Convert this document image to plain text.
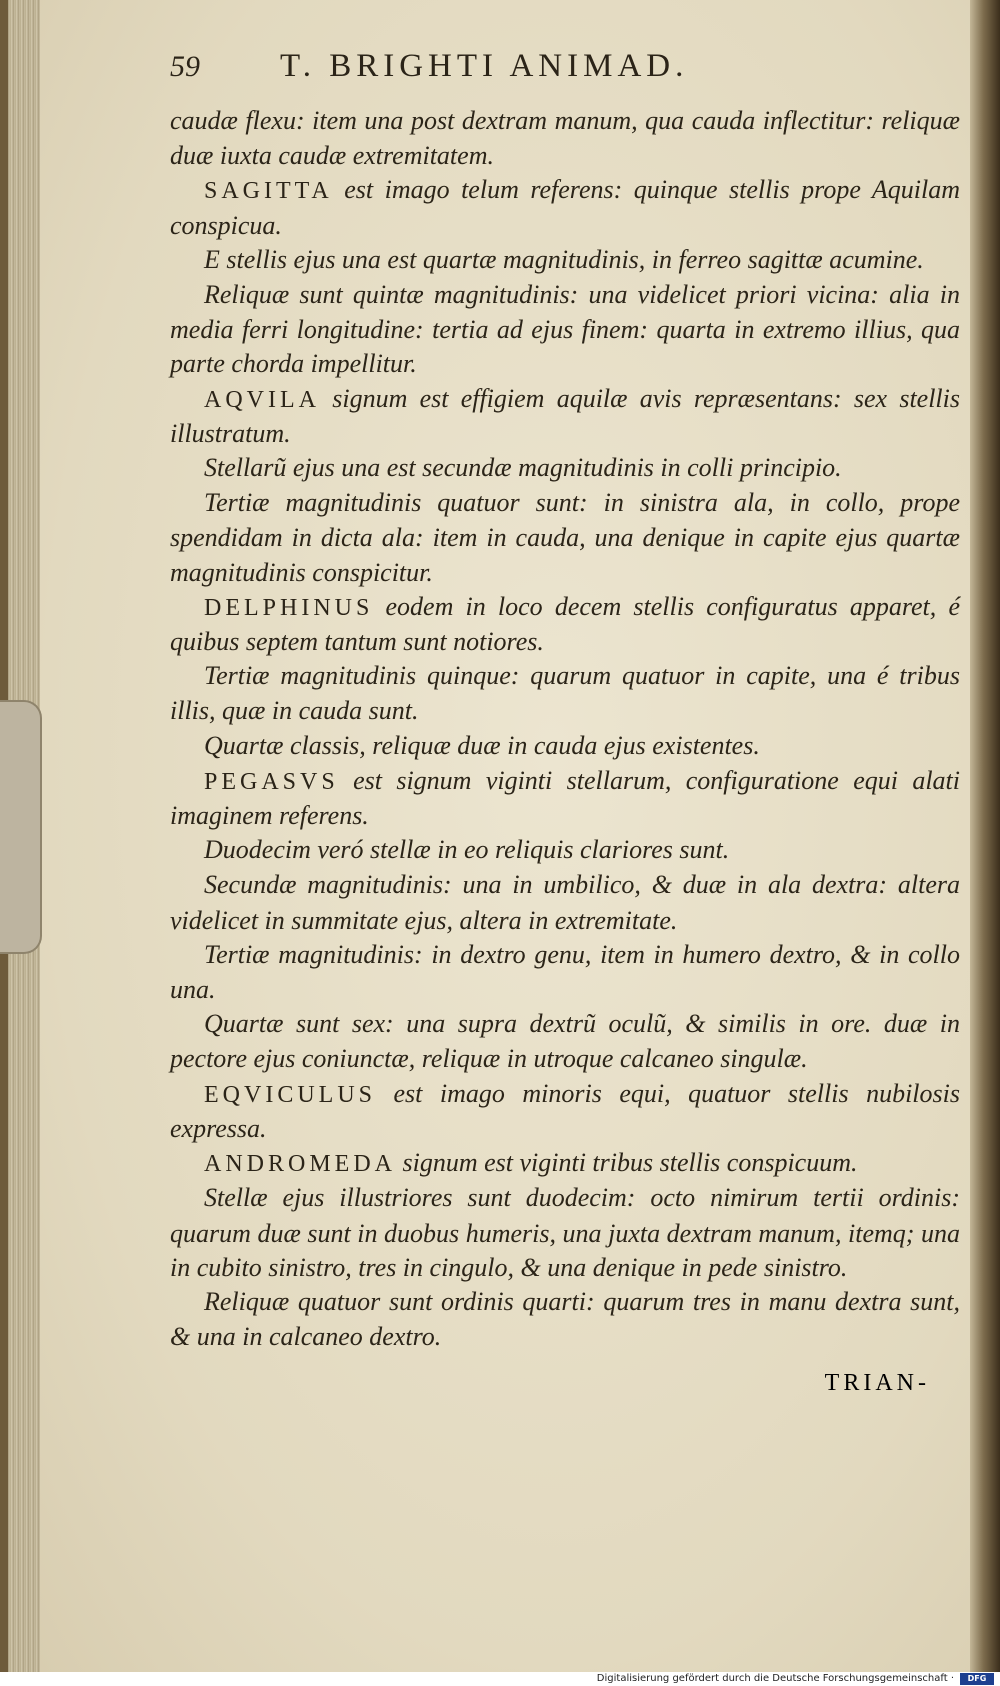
59	T. BRIGHTI ANIMAD.

caudæ flexu: item una post dextram manum, qua cauda inflectitur: reliquæ duæ iuxta caudæ extremitatem.

SAGITTA est imago telum referens: quinque stellis prope Aquilam conspicua.

E stellis ejus una est quartæ magnitudinis, in ferreo sagittæ acumine.

Reliquæ sunt quintæ magnitudinis: una videlicet priori vicina: alia in media ferri longitudine: tertia ad ejus finem: quarta in extremo illius, qua parte chorda impellitur.

AQVILA signum est effigiem aquilæ avis repræsentans: sex stellis illustratum.

Stellarũ ejus una est secundæ magnitudinis in colli principio.

Tertiæ magnitudinis quatuor sunt: in sinistra ala, in collo, prope spendidam in dicta ala: item in cauda, una denique in capite ejus quartæ magnitudinis conspicitur.

DELPHINUS eodem in loco decem stellis configuratus apparet, é quibus septem tantum sunt notiores.

Tertiæ magnitudinis quinque: quarum quatuor in capite, una é tribus illis, quæ in cauda sunt.

Quartæ classis, reliquæ duæ in cauda ejus existentes.

PEGASVS est signum viginti stellarum, configuratione equi alati imaginem referens.

Duodecim veró stellæ in eo reliquis clariores sunt.

Secundæ magnitudinis: una in umbilico, & duæ in ala dextra: altera videlicet in summitate ejus, altera in extremitate.

Tertiæ magnitudinis: in dextro genu, item in humero dextro, & in collo una.

Quartæ sunt sex: una supra dextrũ oculũ, & similis in ore. duæ in pectore ejus coniunctæ, reliquæ in utroque calcaneo singulæ.

EQVICULUS est imago minoris equi, quatuor stellis nubilosis expressa.

ANDROMEDA signum est viginti tribus stellis conspicuum.

Stellæ ejus illustriores sunt duodecim: octo nimirum tertii ordinis: quarum duæ sunt in duobus humeris, una juxta dextram manum, itemq; una in cubito sinistro, tres in cingulo, & una denique in pede sinistro.

Reliquæ quatuor sunt ordinis quarti: quarum tres in manu dextra sunt, & una in calcaneo dextro.

TRIAN-
Digitalisierung gefördert durch die Deutsche Forschungsgemeinschaft ·	DFG
